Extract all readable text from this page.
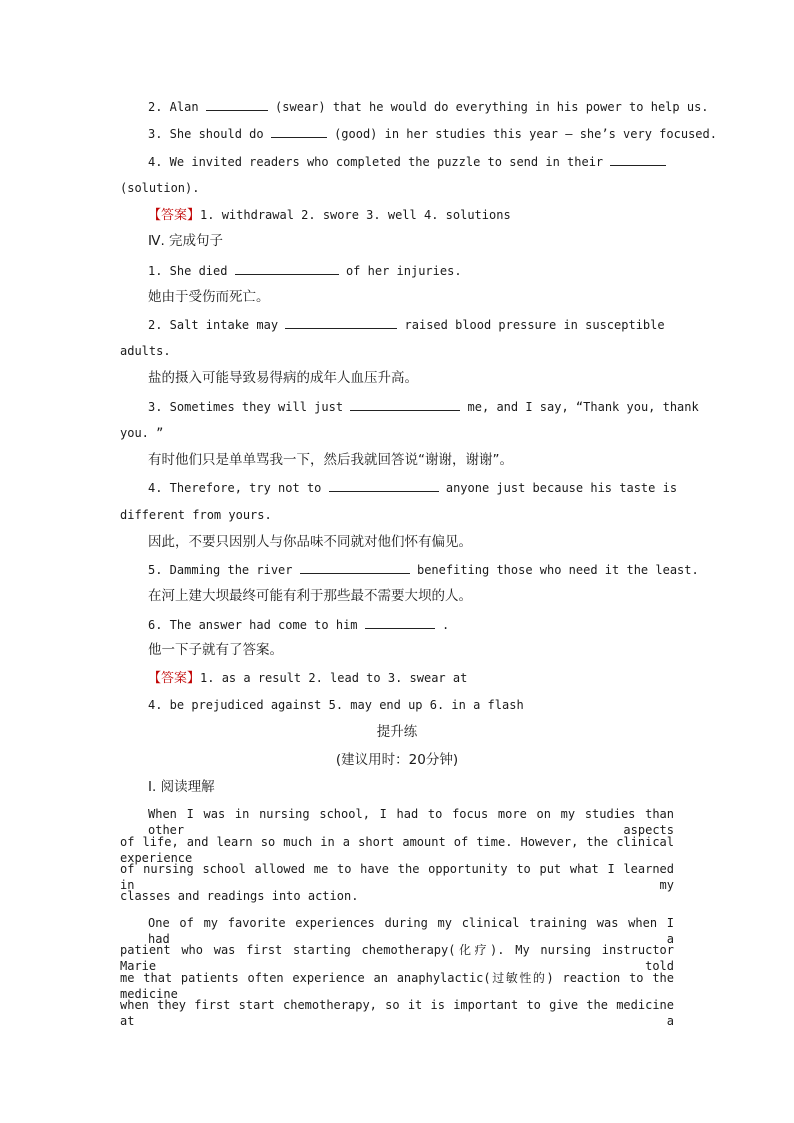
2. Alan	(swear) that he would do everything in his power to help us.
3. She should do	(good) in her studies this year — she’s very focused.
4. We invited readers who completed the puzzle to send in their
(solution).
【答案】1. withdrawal 2. swore 3. well 4. solutions
Ⅳ. 完成句子
1. She died	of her injuries.
她由于受伤而死亡。
2. Salt intake may	raised blood pressure in susceptible
adults.
盐的摄入可能导致易得病的成年人血压升高。
3. Sometimes they will just	me, and I say, “Thank you, thank
you. ”
有时他们只是单单骂我一下，然后我就回答说“谢谢，谢谢”。
4. Therefore, try not to	anyone just because his taste is
different from yours.
因此，不要只因别人与你品味不同就对他们怀有偏见。
5. Damming the river	benefiting those who need it the least.
在河上建大坝最终可能有利于那些最不需要大坝的人。
6. The answer had come to him	.
他一下子就有了答案。
【答案】1. as a result 2. lead to 3. swear at
4. be prejudiced against 5. may end up 6. in a flash
提升练
(建议用时：20分钟)
Ⅰ. 阅读理解
When I was in nursing school, I had to focus more on my studies than other aspects
of life, and learn so much in a short amount of time. However, the clinical experience
of nursing school allowed me to have the opportunity to put what I learned in my
classes and readings into action.
One of my favorite experiences during my clinical training was when I had a
patient who was first starting chemotherapy(化疗). My nursing instructor Marie told
me that patients often experience an anaphylactic(过敏性的) reaction to the medicine
when they first start chemotherapy, so it is important to give the medicine at a
